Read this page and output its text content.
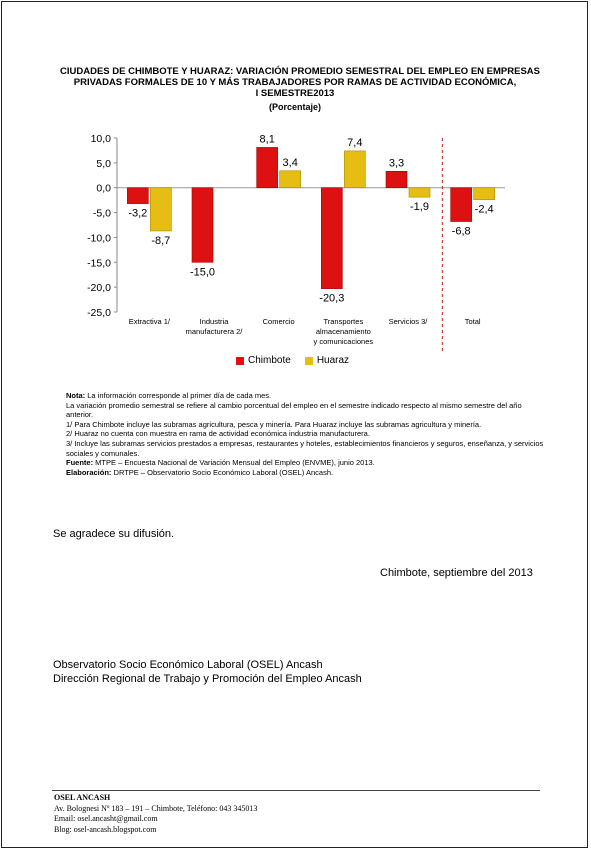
CIUDADES DE CHIMBOTE Y HUARAZ: VARIACIÓN PROMEDIO SEMESTRAL DEL EMPLEO EN EMPRESAS
PRIVADAS FORMALES DE 10 Y MÁS TRABAJADORES POR RAMAS DE ACTIVIDAD ECONÓMICA,
I SEMESTRE2013
(Porcentaje)
10,0
5,0
0,0
-5,0
-10,0
-15,0
-20,0
-25,0
-3,2
-8,7
Extractiva 1/
-15,0
Industria
manufacturera 2/
8,1
3,4
Comercio
-20,3
7,4
Transportes
almacenamiento
y comunicaciones
3,3
-1,9
Servicios 3/
-6,8
-2,4
Total
Chimbote	Huaraz

Nota: La información corresponde al primer día de cada mes.

La variación promedio semestral se refiere al cambio porcentual del empleo en el semestre indicado respecto al mismo semestre del año anterior.

1/ Para Chimbote incluye las subramas agricultura, pesca y minería. Para Huaraz incluye las subramas agricultura y minería.

2/ Huaraz no cuenta con muestra en rama de actividad económica industria manufacturera.

3/ Incluye las subramas servicios prestados a empresas, restaurantes y hoteles, establecimientos financieros y seguros, enseñanza, y servicios sociales y comunales.

Fuente: MTPE – Encuesta Nacional de Variación Mensual del Empleo (ENVME), junio 2013.

Elaboración: DRTPE – Observatorio Socio Económico Laboral (OSEL) Ancash.

Se agradece su difusión.
Chimbote, septiembre del 2013
Observatorio Socio Económico Laboral (OSEL) Ancash
Dirección Regional de Trabajo y Promoción del Empleo Ancash
OSEL ANCASH
Av. Bolognesi Nº 183 – 191 – Chimbote, Teléfono: 043 345013
Email: osel.ancasht@gmail.com
Blog: osel-ancash.blogspot.com
